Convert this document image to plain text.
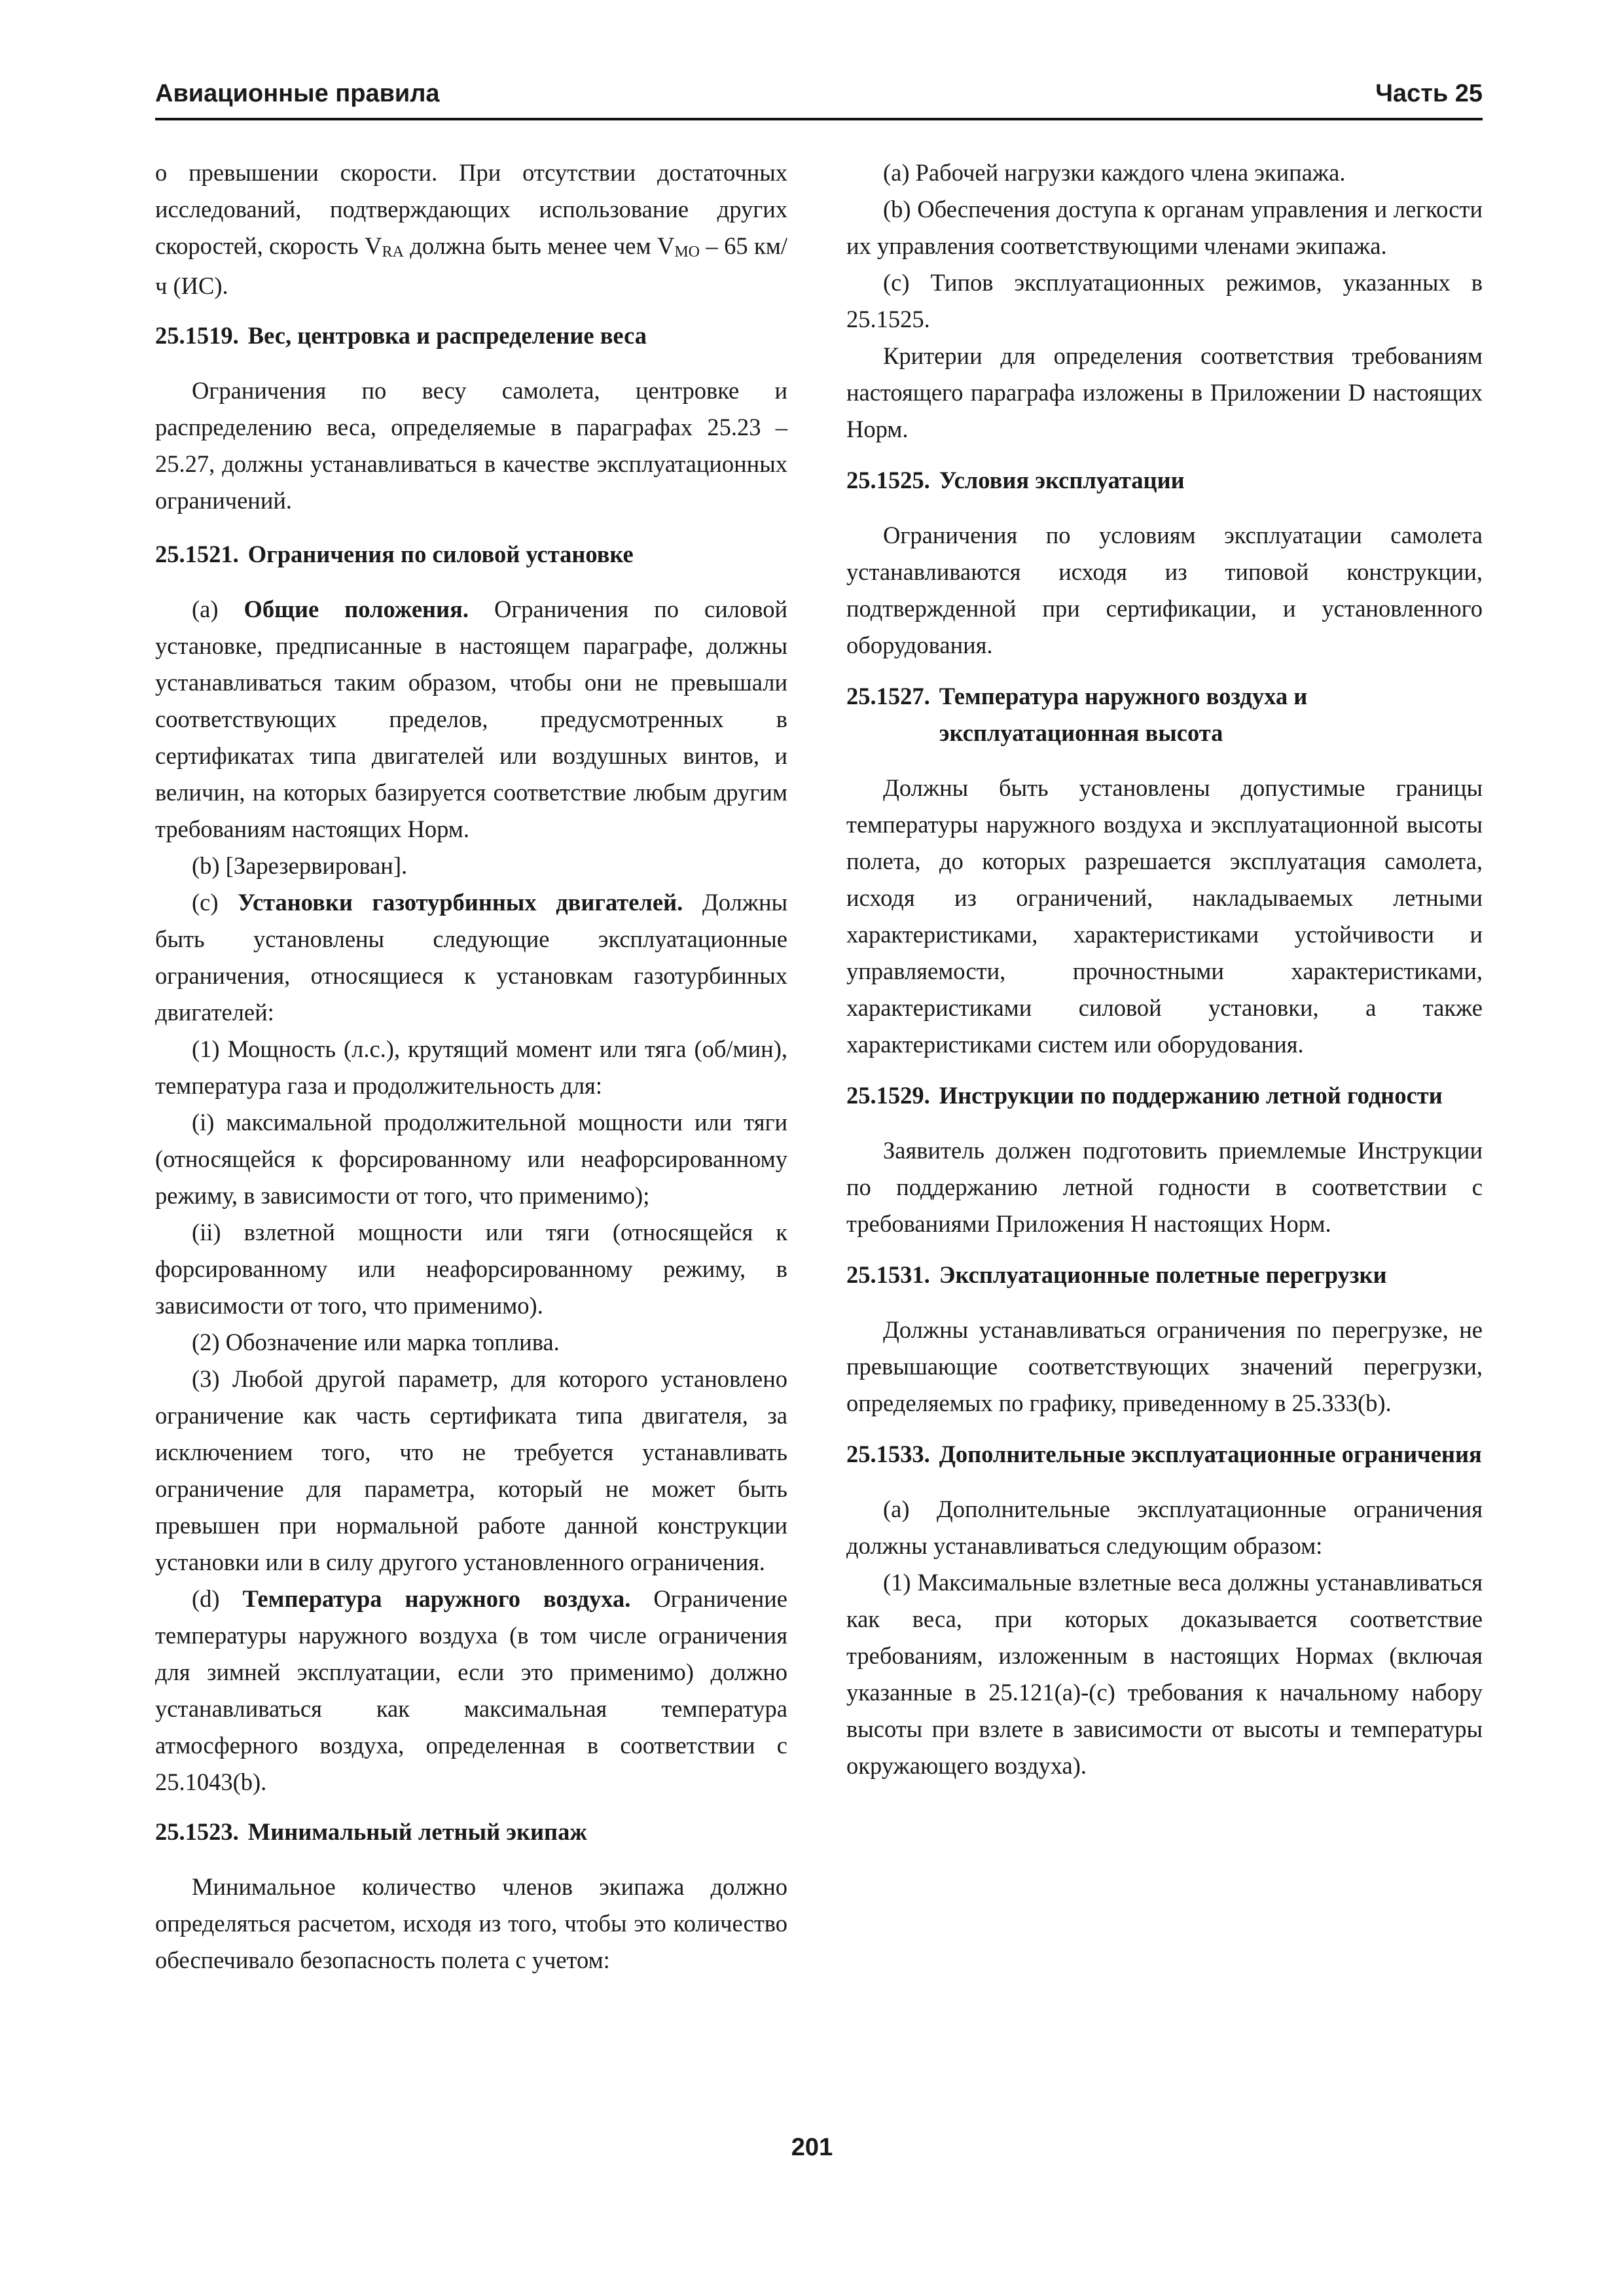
Авиационные правила	Часть 25

о превышении скорости. При отсутствии достаточных исследований, подтверждающих использование других скоростей, скорость $V_{RA}$ должна быть менее чем $V_{MO} - 65$ км/ч (ИС).

25.1519. Вес, центровка и распределение веса

Ограничения по весу самолета, центровке и распределению веса, определяемые в параграфах 25.23 – 25.27, должны устанавливаться в качестве эксплуатационных ограничений.

25.1521. Ограничения по силовой установке

(a) Общие положения. Ограничения по силовой установке, предписанные в настоящем параграфе, должны устанавливаться таким образом, чтобы они не превышали соответствующих пределов, предусмотренных в сертификатах типа двигателей или воздушных винтов, и величин, на которых базируется соответствие любым другим требованиям настоящих Норм.

(b) [Зарезервирован].

(c) Установки газотурбинных двигателей. Должны быть установлены следующие эксплуатационные ограничения, относящиеся к установкам газотурбинных двигателей:

(1) Мощность (л.с.), крутящий момент или тяга (об/мин), температура газа и продолжительность для:

(i) максимальной продолжительной мощности или тяги (относящейся к форсированному или неафорсированному режиму, в зависимости от того, что применимо);

(ii) взлетной мощности или тяги (относящейся к форсированному или неафорсированному режиму, в зависимости от того, что применимо).

(2) Обозначение или марка топлива.

(3) Любой другой параметр, для которого установлено ограничение как часть сертификата типа двигателя, за исключением того, что не требуется устанавливать ограничение для параметра, который не может быть превышен при нормальной работе данной конструкции установки или в силу другого установленного ограничения.

(d) Температура наружного воздуха. Ограничение температуры наружного воздуха (в том числе ограничения для зимней эксплуатации, если это применимо) должно устанавливаться как максимальная температура атмосферного воздуха, определенная в соответствии с 25.1043(b).

25.1523. Минимальный летный экипаж

Минимальное количество членов экипажа должно определяться расчетом, исходя из того, чтобы это количество обеспечивало безопасность полета с учетом:

(a) Рабочей нагрузки каждого члена экипажа.

(b) Обеспечения доступа к органам управления и легкости их управления соответствующими членами экипажа.

(c) Типов эксплуатационных режимов, указанных в 25.1525.

Критерии для определения соответствия требованиям настоящего параграфа изложены в Приложении D настоящих Норм.

25.1525. Условия эксплуатации

Ограничения по условиям эксплуатации самолета устанавливаются исходя из типовой конструкции, подтвержденной при сертификации, и установленного оборудования.

25.1527. Температура наружного воздуха и эксплуатационная высота

Должны быть установлены допустимые границы температуры наружного воздуха и эксплуатационной высоты полета, до которых разрешается эксплуатация самолета, исходя из ограничений, накладываемых летными характеристиками, характеристиками устойчивости и управляемости, прочностными характеристиками, характеристиками силовой установки, а также характеристиками систем или оборудования.

25.1529. Инструкции по поддержанию летной годности

Заявитель должен подготовить приемлемые Инструкции по поддержанию летной годности в соответствии с требованиями Приложения H настоящих Норм.

25.1531. Эксплуатационные полетные перегрузки

Должны устанавливаться ограничения по перегрузке, не превышающие соответствующих значений перегрузки, определяемых по графику, приведенному в 25.333(b).

25.1533. Дополнительные эксплуатационные ограничения

(a) Дополнительные эксплуатационные ограничения должны устанавливаться следующим образом:

(1) Максимальные взлетные веса должны устанавливаться как веса, при которых доказывается соответствие требованиям, изложенным в настоящих Нормах (включая указанные в 25.121(a)-(c) требования к начальному набору высоты при взлете в зависимости от высоты и температуры окружающего воздуха).

201
